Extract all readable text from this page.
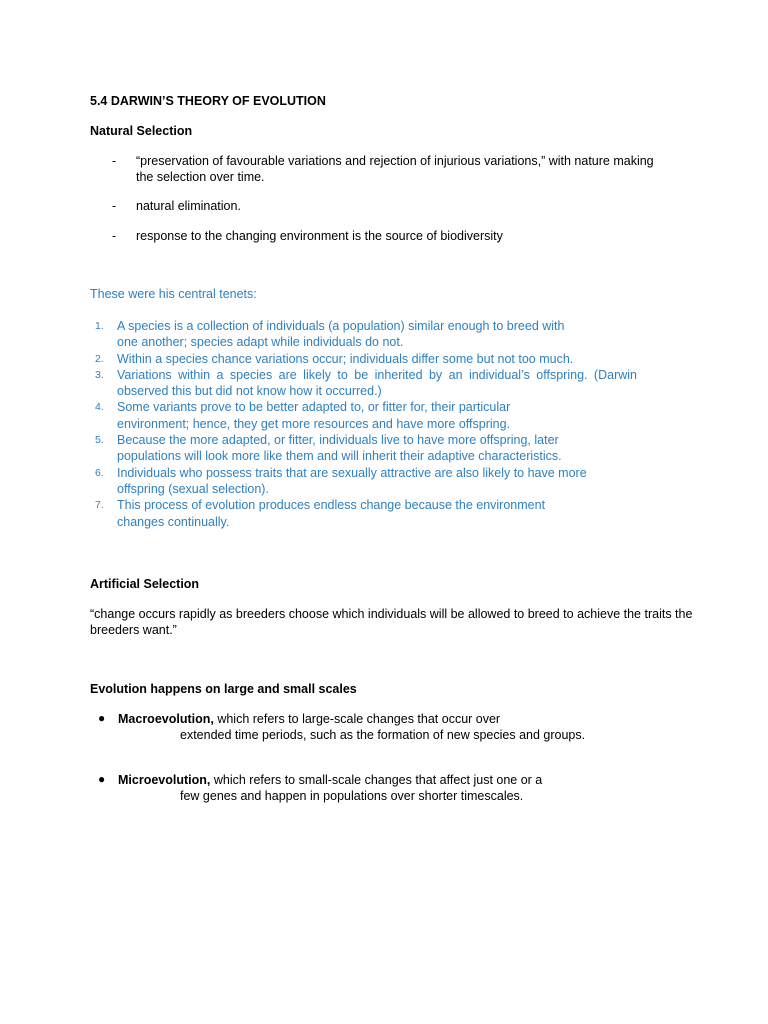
5.4 DARWIN’S THEORY OF EVOLUTION
Natural Selection
- “preservation of favourable variations and rejection of injurious variations,” with nature making the selection over time.
- natural elimination.
- response to the changing environment is the source of biodiversity
These were his central tenets:
1. A species is a collection of individuals (a population) similar enough to breed with one another; species adapt while individuals do not.
2. Within a species chance variations occur; individuals differ some but not too much.
3. Variations within a species are likely to be inherited by an individual’s offspring. (Darwin observed this but did not know how it occurred.)
4. Some variants prove to be better adapted to, or fitter for, their particular environment; hence, they get more resources and have more offspring.
5. Because the more adapted, or fitter, individuals live to have more offspring, later populations will look more like them and will inherit their adaptive characteristics.
6. Individuals who possess traits that are sexually attractive are also likely to have more offspring (sexual selection).
7. This process of evolution produces endless change because the environment changes continually.
Artificial Selection
“change occurs rapidly as breeders choose which individuals will be allowed to breed to achieve the traits the breeders want.”
Evolution happens on large and small scales
● Macroevolution, which refers to large-scale changes that occur over
extended time periods, such as the formation of new species and groups.
● Microevolution, which refers to small-scale changes that affect just one or a
few genes and happen in populations over shorter timescales.
